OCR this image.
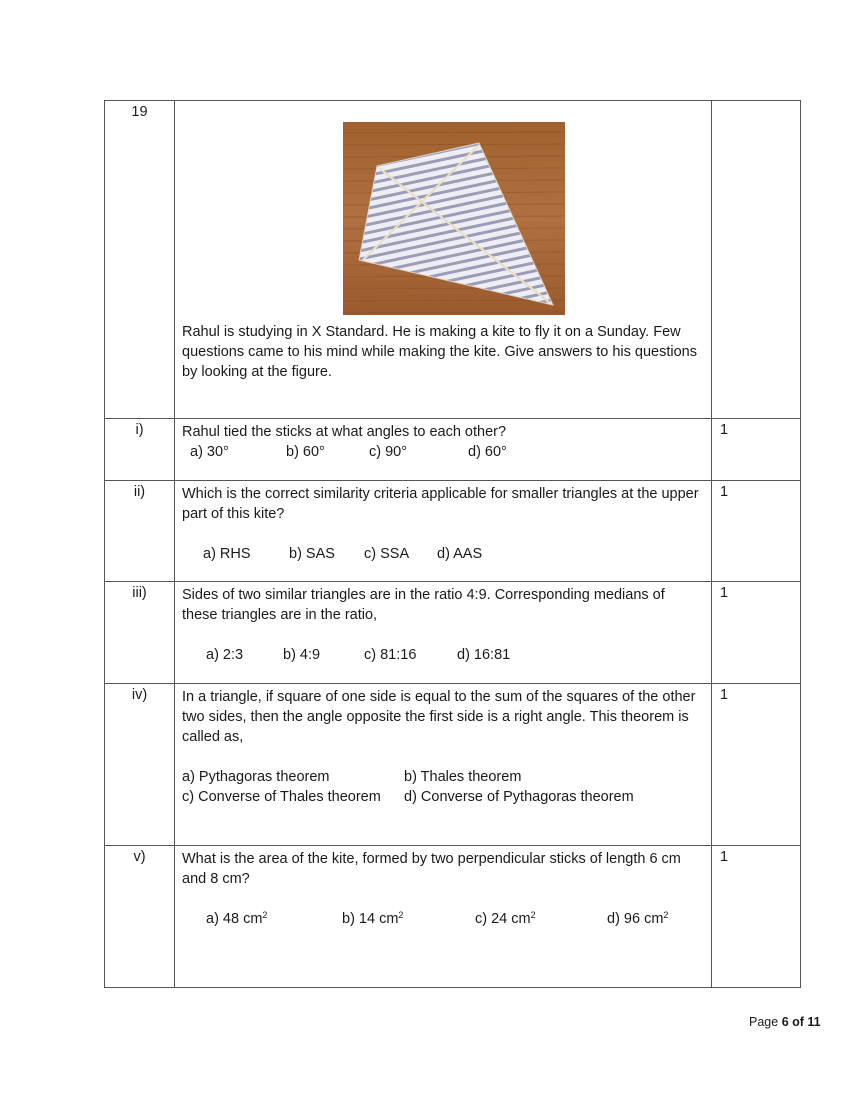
19	Rahul is studying in X Standard. He is making a kite to fly it on a Sunday. Few questions came to his mind while making the kite. Give answers to his questions by looking at the figure.	

i)	Rahul tied the sticks at what angles to each other?
a) 30° b) 60° c) 90° d) 60°	1
ii)	Which is the correct similarity criteria applicable for smaller triangles at the upper part of this kite?
a) RHS b) SAS c) SSA d) AAS	1
iii)	Sides of two similar triangles are in the ratio 4:9. Corresponding medians of these triangles are in the ratio,
a) 2:3 b) 4:9 c) 81:16 d) 16:81	1
iv)	In a triangle, if square of one side is equal to the sum of the squares of the other two sides, then the angle opposite the first side is a right angle. This theorem is called as,
a) Pythagoras theorem b) Thales theorem
c) Converse of Thales theorem d) Converse of Pythagoras theorem	1
v)	What is the area of the kite, formed by two perpendicular sticks of length 6 cm and 8 cm?
a) 48 $cm^2$ b) 14 $cm^2$ c) 24 $cm^2$ d) 96 $cm^2$	1
Page 6 of 11
